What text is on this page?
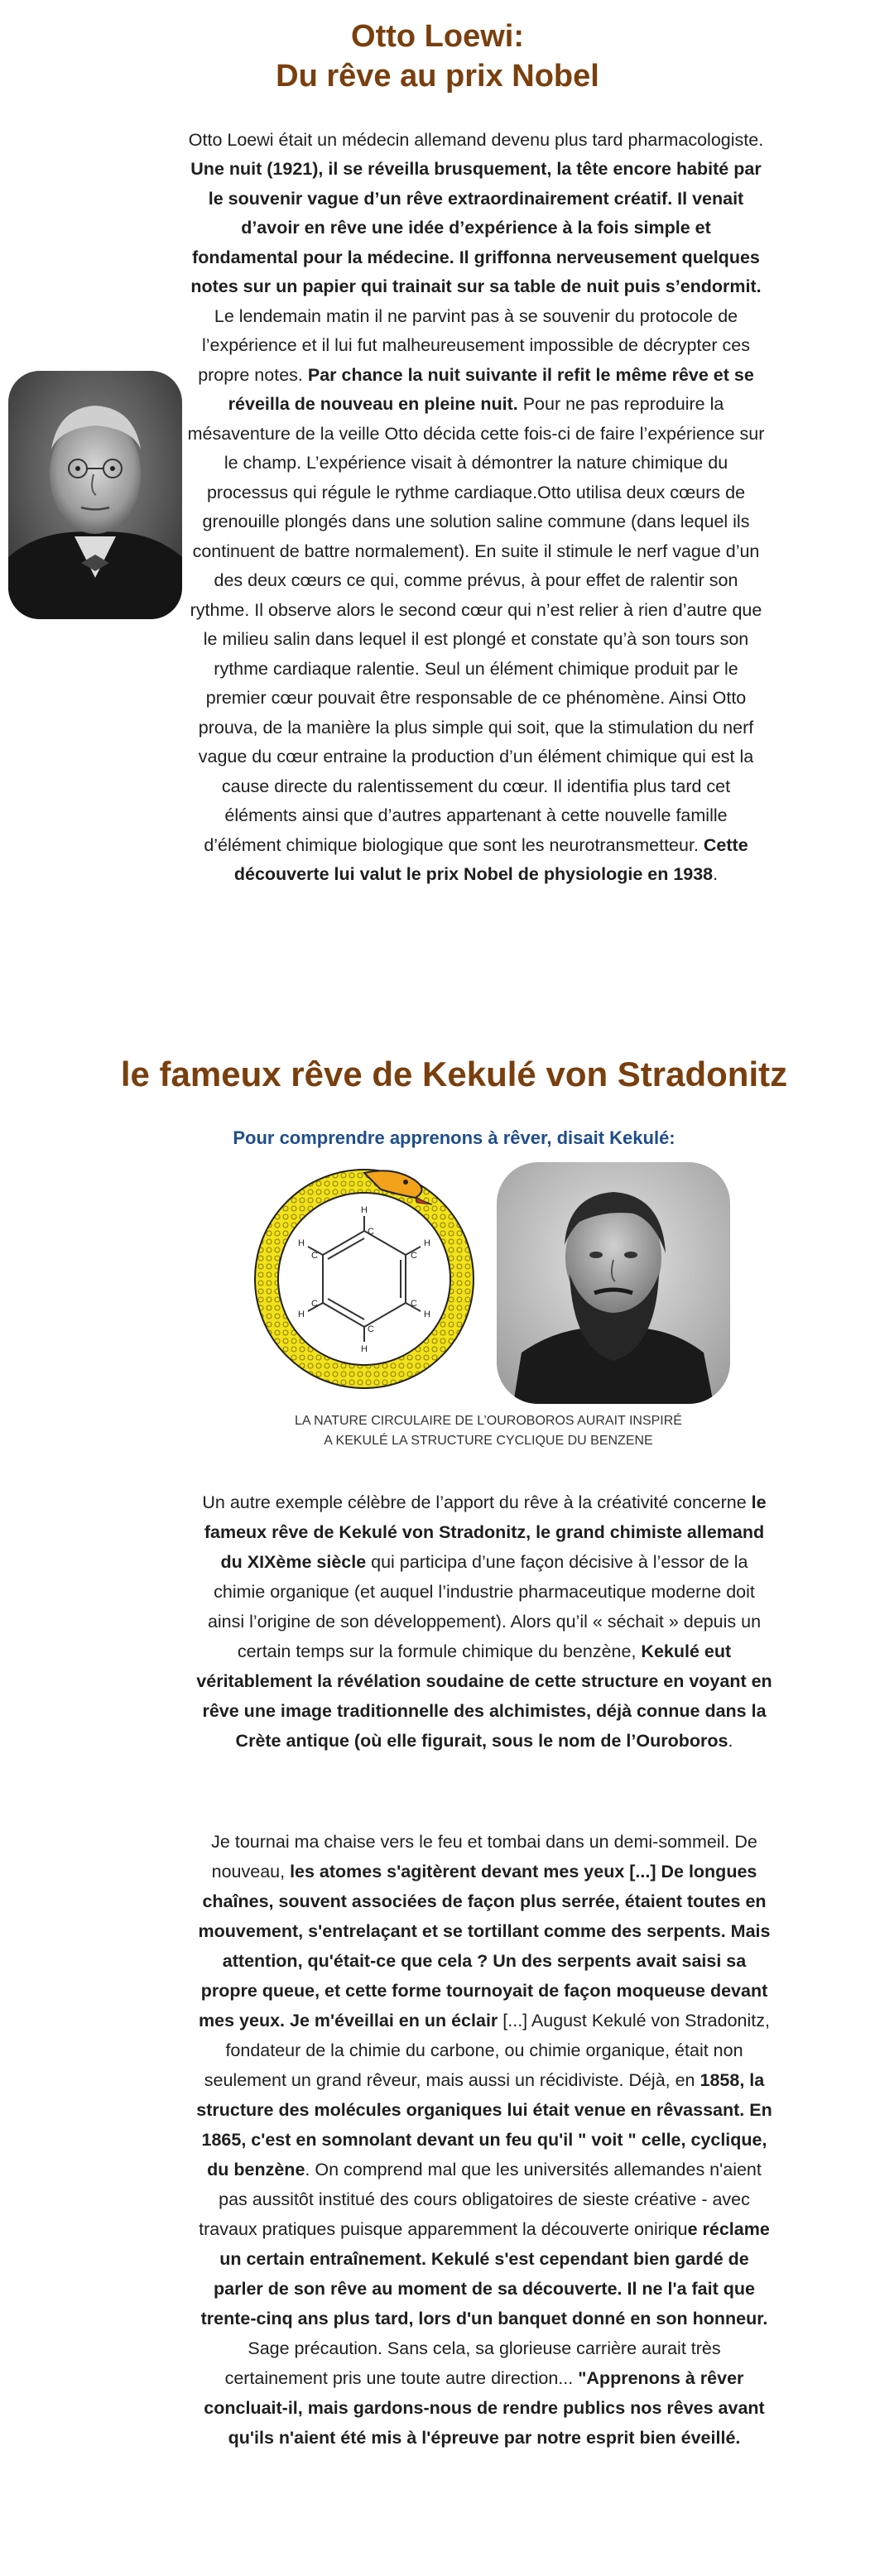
Otto Loewi:
Du rêve au prix Nobel

Otto Loewi était un médecin allemand devenu plus tard pharmacologiste. Une nuit (1921), il se réveilla brusquement, la tête encore habité par le souvenir vague d’un rêve extraordinairement créatif. Il venait d’avoir en rêve une idée d’expérience à la fois simple et fondamental pour la médecine. Il griffonna nerveusement quelques notes sur un papier qui trainait sur sa table de nuit puis s’endormit. Le lendemain matin il ne parvint pas à se souvenir du protocole de l’expérience et il lui fut malheureusement impossible de décrypter ces propre notes. Par chance la nuit suivante il refit le même rêve et se réveilla de nouveau en pleine nuit. Pour ne pas reproduire la mésaventure de la veille Otto décida cette fois-ci de faire l’expérience sur le champ. L’expérience visait à démontrer la nature chimique du processus qui régule le rythme cardiaque.Otto utilisa deux cœurs de grenouille plongés dans une solution saline commune (dans lequel ils continuent de battre normalement). En suite il stimule le nerf vague d’un des deux cœurs ce qui, comme prévus, à pour effet de ralentir son rythme. Il observe alors le second cœur qui n’est relier à rien d’autre que le milieu salin dans lequel il est plongé et constate qu’à son tours son rythme cardiaque ralentie. Seul un élément chimique produit par le premier cœur pouvait être responsable de ce phénomène. Ainsi Otto prouva, de la manière la plus simple qui soit, que la stimulation du nerf vague du cœur entraine la production d’un élément chimique qui est la cause directe du ralentissement du cœur. Il identifia plus tard cet éléments ainsi que d’autres appartenant à cette nouvelle famille d’élément chimique biologique que sont les neurotransmetteur. Cette découverte lui valut le prix Nobel de physiologie en 1938.

le fameux rêve de Kekulé von Stradonitz
Pour comprendre apprenons à rêver, disait Kekulé:
C
C
C
C
C
C
H
H
H
H
H
H
LA NATURE CIRCULAIRE DE L’OUROBOROS AURAIT INSPIRÉ
A KEKULÉ LA STRUCTURE CYCLIQUE DU BENZENE

Un autre exemple célèbre de l’apport du rêve à la créativité concerne le fameux rêve de Kekulé von Stradonitz, le grand chimiste allemand du XIXème siècle qui participa d’une façon décisive à l’essor de la chimie organique (et auquel l’industrie pharmaceutique moderne doit ainsi l’origine de son développement). Alors qu’il « séchait » depuis un certain temps sur la formule chimique du benzène, Kekulé eut véritablement la révélation soudaine de cette structure en voyant en rêve une image traditionnelle des alchimistes, déjà connue dans la Crète antique (où elle figurait, sous le nom de l’Ouroboros.

Je tournai ma chaise vers le feu et tombai dans un demi-sommeil. De nouveau, les atomes s'agitèrent devant mes yeux [...] De longues chaînes, souvent associées de façon plus serrée, étaient toutes en mouvement, s'entrelaçant et se tortillant comme des serpents. Mais attention, qu'était-ce que cela ? Un des serpents avait saisi sa propre queue, et cette forme tournoyait de façon moqueuse devant mes yeux. Je m'éveillai en un éclair [...] August Kekulé von Stradonitz, fondateur de la chimie du carbone, ou chimie organique, était non seulement un grand rêveur, mais aussi un récidiviste. Déjà, en 1858, la structure des molécules organiques lui était venue en rêvassant. En 1865, c'est en somnolant devant un feu qu'il " voit " celle, cyclique, du benzène. On comprend mal que les universités allemandes n'aient pas aussitôt institué des cours obligatoires de sieste créative - avec travaux pratiques puisque apparemment la découverte onirique réclame un certain entraînement. Kekulé s'est cependant bien gardé de parler de son rêve au moment de sa découverte. Il ne l'a fait que trente-cinq ans plus tard, lors d'un banquet donné en son honneur. Sage précaution. Sans cela, sa glorieuse carrière aurait très certainement pris une toute autre direction... "Apprenons à rêver concluait-il, mais gardons-nous de rendre publics nos rêves avant qu'ils n'aient été mis à l'épreuve par notre esprit bien éveillé.
